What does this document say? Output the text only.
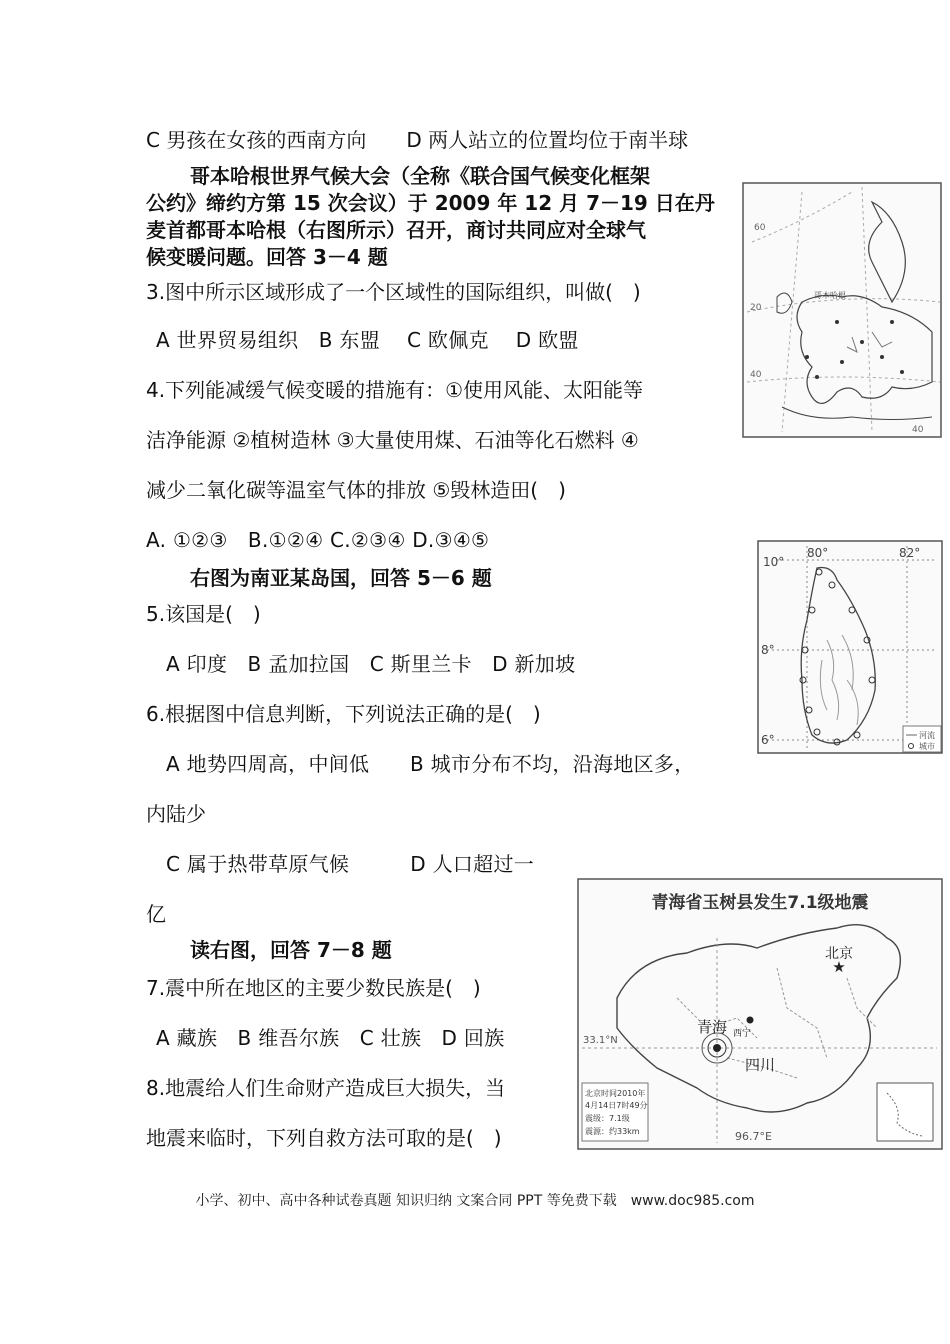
C 男孩在女孩的西南方向　　D 两人站立的位置均位于南半球
哥本哈根世界气候大会（全称《联合国气候变化框架
公约》缔约方第 15 次会议）于 2009 年 12 月 7－19 日在丹
麦首都哥本哈根（右图所示）召开，商讨共同应对全球气
候变暖问题。回答 3－4 题
3.图中所示区域形成了一个区域性的国际组织，叫做(　)
A 世界贸易组织　B 东盟　 C 欧佩克　 D 欧盟
4.下列能减缓气候变暖的措施有：①使用风能、太阳能等
洁净能源 ②植树造林 ③大量使用煤、石油等化石燃料 ④
减少二氧化碳等温室气体的排放 ⑤毁林造田(　)
A. ①②③　B.①②④ C.②③④ D.③④⑤
右图为南亚某岛国，回答 5－6 题
5.该国是(　)
A 印度　B 孟加拉国　C 斯里兰卡　D 新加坡
6.根据图中信息判断，下列说法正确的是(　)
A 地势四周高，中间低　　B 城市分布不均，沿海地区多，
内陆少
C 属于热带草原气候　　　D 人口超过一
亿
读右图，回答 7－8 题
7.震中所在地区的主要少数民族是(　)
A 藏族　B 维吾尔族　C 壮族　D 回族
8.地震给人们生命财产造成巨大损失，当
地震来临时，下列自救方法可取的是(　)
60
40
20
40
哥本哈根
80°	82°
10°
8°
6°	河流
城市
青海省玉树县发生7.1级地震
★
北京
青海 西宁
四川
33.1°N
96.7°E
北京时间2010年
4月14日7时49分
震级：7.1级
震源：约33km
小学、初中、高中各种试卷真题 知识归纳 文案合同 PPT 等免费下载　www.doc985.com
